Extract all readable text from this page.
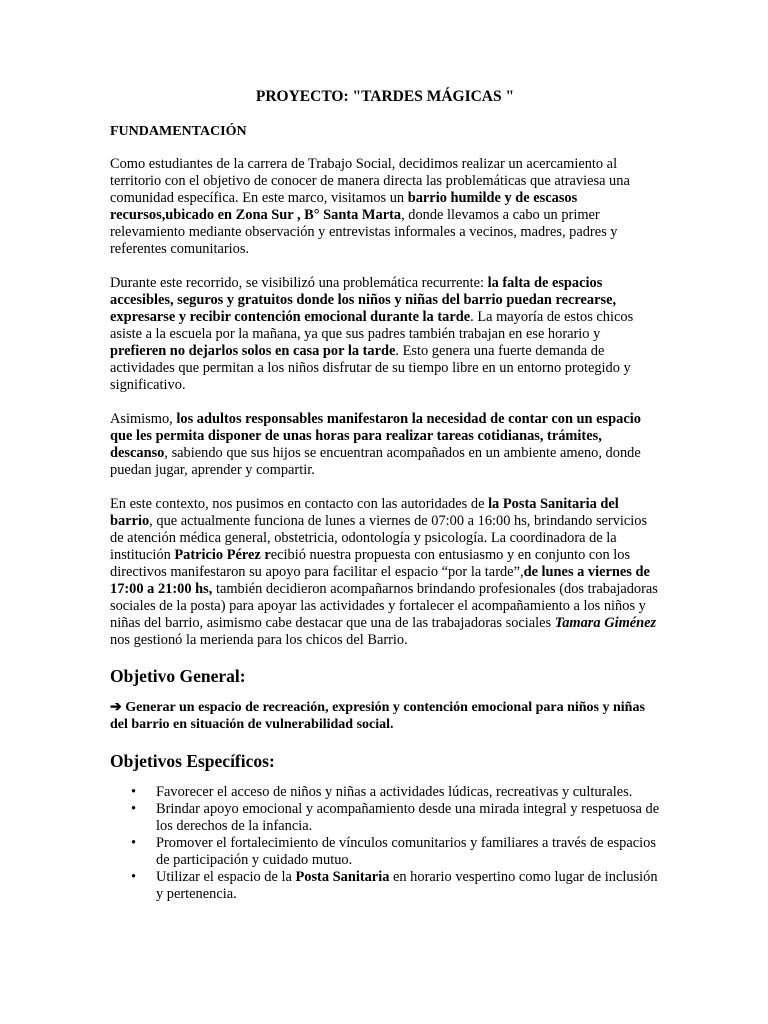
PROYECTO: "TARDES MÁGICAS "
FUNDAMENTACIÓN

Como estudiantes de la carrera de Trabajo Social, decidimos realizar un acercamiento al territorio con el objetivo de conocer de manera directa las problemáticas que atraviesa una comunidad específica. En este marco, visitamos un barrio humilde y de escasos recursos,ubicado en Zona Sur , B° Santa Marta, donde llevamos a cabo un primer relevamiento mediante observación y entrevistas informales a vecinos, madres, padres y referentes comunitarios.

Durante este recorrido, se visibilizó una problemática recurrente: la falta de espacios accesibles, seguros y gratuitos donde los niños y niñas del barrio puedan recrearse, expresarse y recibir contención emocional durante la tarde. La mayoría de estos chicos asiste a la escuela por la mañana, ya que sus padres también trabajan en ese horario y prefieren no dejarlos solos en casa por la tarde. Esto genera una fuerte demanda de actividades que permitan a los niños disfrutar de su tiempo libre en un entorno protegido y significativo.

Asimismo, los adultos responsables manifestaron la necesidad de contar con un espacio que les permita disponer de unas horas para realizar tareas cotidianas, trámites, descanso, sabiendo que sus hijos se encuentran acompañados en un ambiente ameno, donde puedan jugar, aprender y compartir.

En este contexto, nos pusimos en contacto con las autoridades de la Posta Sanitaria del barrio, que actualmente funciona de lunes a viernes de 07:00 a 16:00 hs, brindando servicios de atención médica general, obstetricia, odontología y psicología. La coordinadora de la institución Patricio Pérez recibió nuestra propuesta con entusiasmo y en conjunto con los directivos manifestaron su apoyo para facilitar el espacio “por la tarde”,de lunes a viernes de 17:00 a 21:00 hs, también decidieron acompañarnos brindando profesionales (dos trabajadoras sociales de la posta) para apoyar las actividades y fortalecer el acompañamiento a los niños y niñas del barrio, asimismo cabe destacar que una de las trabajadoras sociales Tamara Giménez nos gestionó la merienda para los chicos del Barrio.

Objetivo General:
➔ Generar un espacio de recreación, expresión y contención emocional para niños y niñas del barrio en situación de vulnerabilidad social.
Objetivos Específicos:
• Favorecer el acceso de niños y niñas a actividades lúdicas, recreativas y culturales.
• Brindar apoyo emocional y acompañamiento desde una mirada integral y respetuosa de los derechos de la infancia.
• Promover el fortalecimiento de vínculos comunitarios y familiares a través de espacios de participación y cuidado mutuo.
• Utilizar el espacio de la Posta Sanitaria en horario vespertino como lugar de inclusión y pertenencia.
